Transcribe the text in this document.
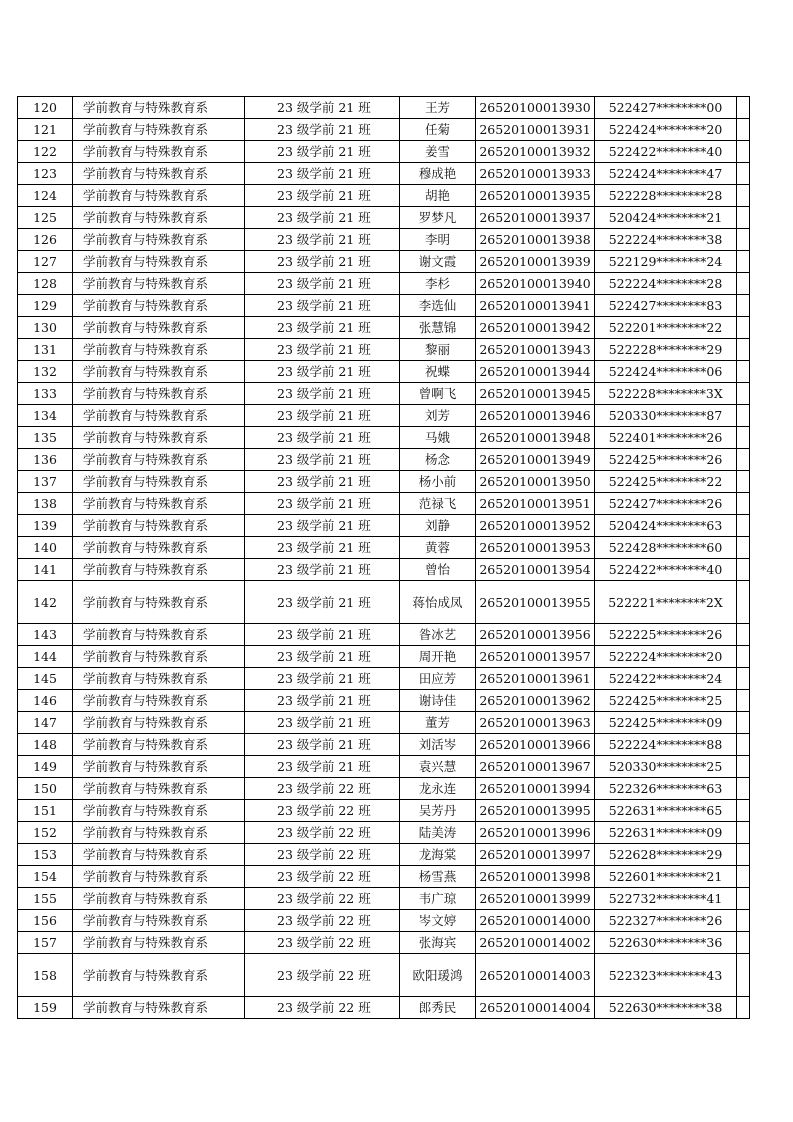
120	学前教育与特殊教育系	23 级学前 21 班	王芳	26520100013930	522427********00	
121	学前教育与特殊教育系	23 级学前 21 班	任菊	26520100013931	522424********20	
122	学前教育与特殊教育系	23 级学前 21 班	姜雪	26520100013932	522422********40	
123	学前教育与特殊教育系	23 级学前 21 班	穆成艳	26520100013933	522424********47	
124	学前教育与特殊教育系	23 级学前 21 班	胡艳	26520100013935	522228********28	
125	学前教育与特殊教育系	23 级学前 21 班	罗梦凡	26520100013937	520424********21	
126	学前教育与特殊教育系	23 级学前 21 班	李明	26520100013938	522224********38	
127	学前教育与特殊教育系	23 级学前 21 班	谢文霞	26520100013939	522129********24	
128	学前教育与特殊教育系	23 级学前 21 班	李杉	26520100013940	522224********28	
129	学前教育与特殊教育系	23 级学前 21 班	李选仙	26520100013941	522427********83	
130	学前教育与特殊教育系	23 级学前 21 班	张慧锦	26520100013942	522201********22	
131	学前教育与特殊教育系	23 级学前 21 班	黎丽	26520100013943	522228********29	
132	学前教育与特殊教育系	23 级学前 21 班	祝蝶	26520100013944	522424********06	
133	学前教育与特殊教育系	23 级学前 21 班	曾啊飞	26520100013945	522228********3X	
134	学前教育与特殊教育系	23 级学前 21 班	刘芳	26520100013946	520330********87	
135	学前教育与特殊教育系	23 级学前 21 班	马娥	26520100013948	522401********26	
136	学前教育与特殊教育系	23 级学前 21 班	杨念	26520100013949	522425********26	
137	学前教育与特殊教育系	23 级学前 21 班	杨小前	26520100013950	522425********22	
138	学前教育与特殊教育系	23 级学前 21 班	范禄飞	26520100013951	522427********26	
139	学前教育与特殊教育系	23 级学前 21 班	刘静	26520100013952	520424********63	
140	学前教育与特殊教育系	23 级学前 21 班	黄蓉	26520100013953	522428********60	
141	学前教育与特殊教育系	23 级学前 21 班	曾怡	26520100013954	522422********40	
142	学前教育与特殊教育系	23 级学前 21 班	蒋怡成凤	26520100013955	522221********2X	
143	学前教育与特殊教育系	23 级学前 21 班	昝冰艺	26520100013956	522225********26	
144	学前教育与特殊教育系	23 级学前 21 班	周开艳	26520100013957	522224********20	
145	学前教育与特殊教育系	23 级学前 21 班	田应芳	26520100013961	522422********24	
146	学前教育与特殊教育系	23 级学前 21 班	谢诗佳	26520100013962	522425********25	
147	学前教育与特殊教育系	23 级学前 21 班	董芳	26520100013963	522425********09	
148	学前教育与特殊教育系	23 级学前 21 班	刘活岑	26520100013966	522224********88	
149	学前教育与特殊教育系	23 级学前 21 班	袁兴慧	26520100013967	520330********25	
150	学前教育与特殊教育系	23 级学前 22 班	龙永连	26520100013994	522326********63	
151	学前教育与特殊教育系	23 级学前 22 班	吴芳丹	26520100013995	522631********65	
152	学前教育与特殊教育系	23 级学前 22 班	陆美涛	26520100013996	522631********09	
153	学前教育与特殊教育系	23 级学前 22 班	龙海棠	26520100013997	522628********29	
154	学前教育与特殊教育系	23 级学前 22 班	杨雪燕	26520100013998	522601********21	
155	学前教育与特殊教育系	23 级学前 22 班	韦广琼	26520100013999	522732********41	
156	学前教育与特殊教育系	23 级学前 22 班	岑文婷	26520100014000	522327********26	
157	学前教育与特殊教育系	23 级学前 22 班	张海宾	26520100014002	522630********36	
158	学前教育与特殊教育系	23 级学前 22 班	欧阳瑗鸿	26520100014003	522323********43	
159	学前教育与特殊教育系	23 级学前 22 班	郎秀民	26520100014004	522630********38	
